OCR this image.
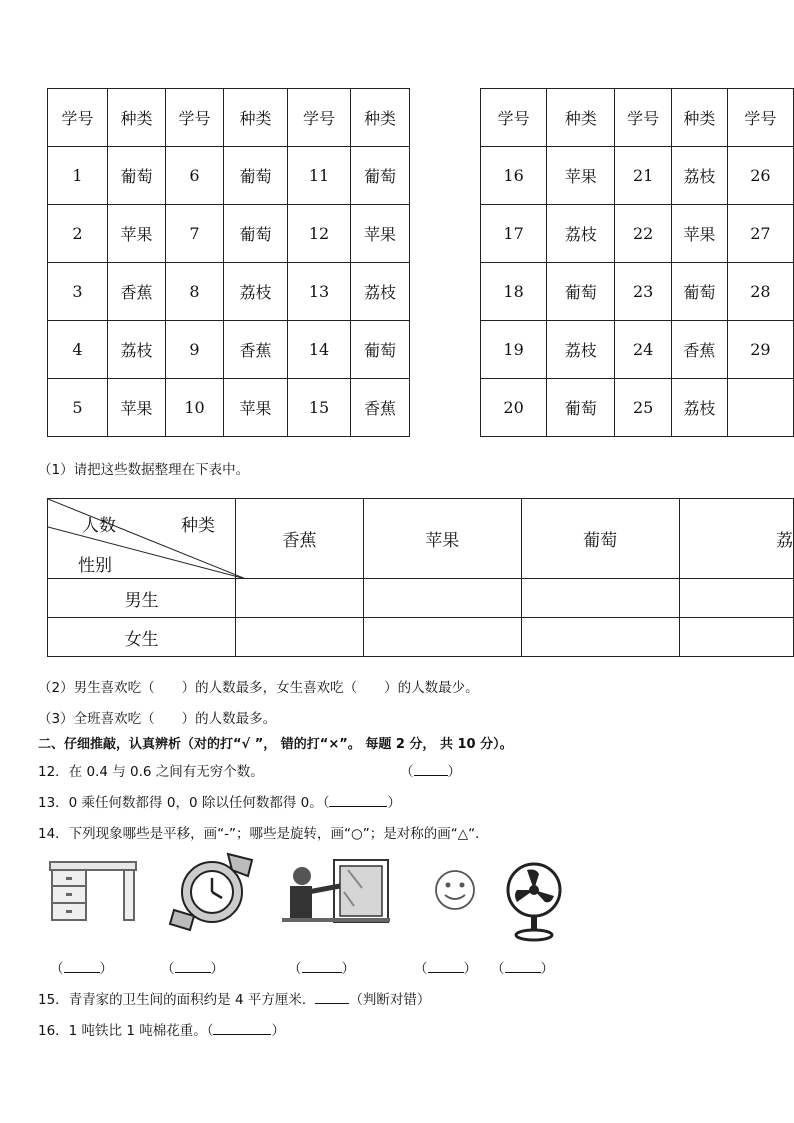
学号	种类	学号	种类	学号	种类
1	葡萄	6	葡萄	11	葡萄
2	苹果	7	葡萄	12	苹果
3	香蕉	8	荔枝	13	荔枝
4	荔枝	9	香蕉	14	葡萄
5	苹果	10	苹果	15	香蕉
学号	种类	学号	种类	学号
16	苹果	21	荔枝	26
17	荔枝	22	苹果	27
18	葡萄	23	葡萄	28
19	荔枝	24	香蕉	29
20	葡萄	25	荔枝	
（1）请把这些数据整理在下表中。
人数 种类
性别	香蕉	苹果	葡萄	荔
男生				
女生				
（2）男生喜欢吃（　　）的人数最多，女生喜欢吃（　　）的人数最少。
（3）全班喜欢吃（　　）的人数最多。
二、仔细推敲，认真辨析（对的打“√ ”， 错的打“×”。 每题 2 分， 共 10 分）。
12．在 0.4 与 0.6 之间有无穷个数。	（	）
13．0 乘任何数都得 0，0 除以任何数都得 0。（	）
14．下列现象哪些是平移，画“-”；哪些是旋转，画“○”；是对称的画“△“．
（	）	（	）	（	）	（	） （	）
15．青青家的卫生间的面积约是 4 平方厘米．	（判断对错）
16．1 吨铁比 1 吨棉花重。（	）
